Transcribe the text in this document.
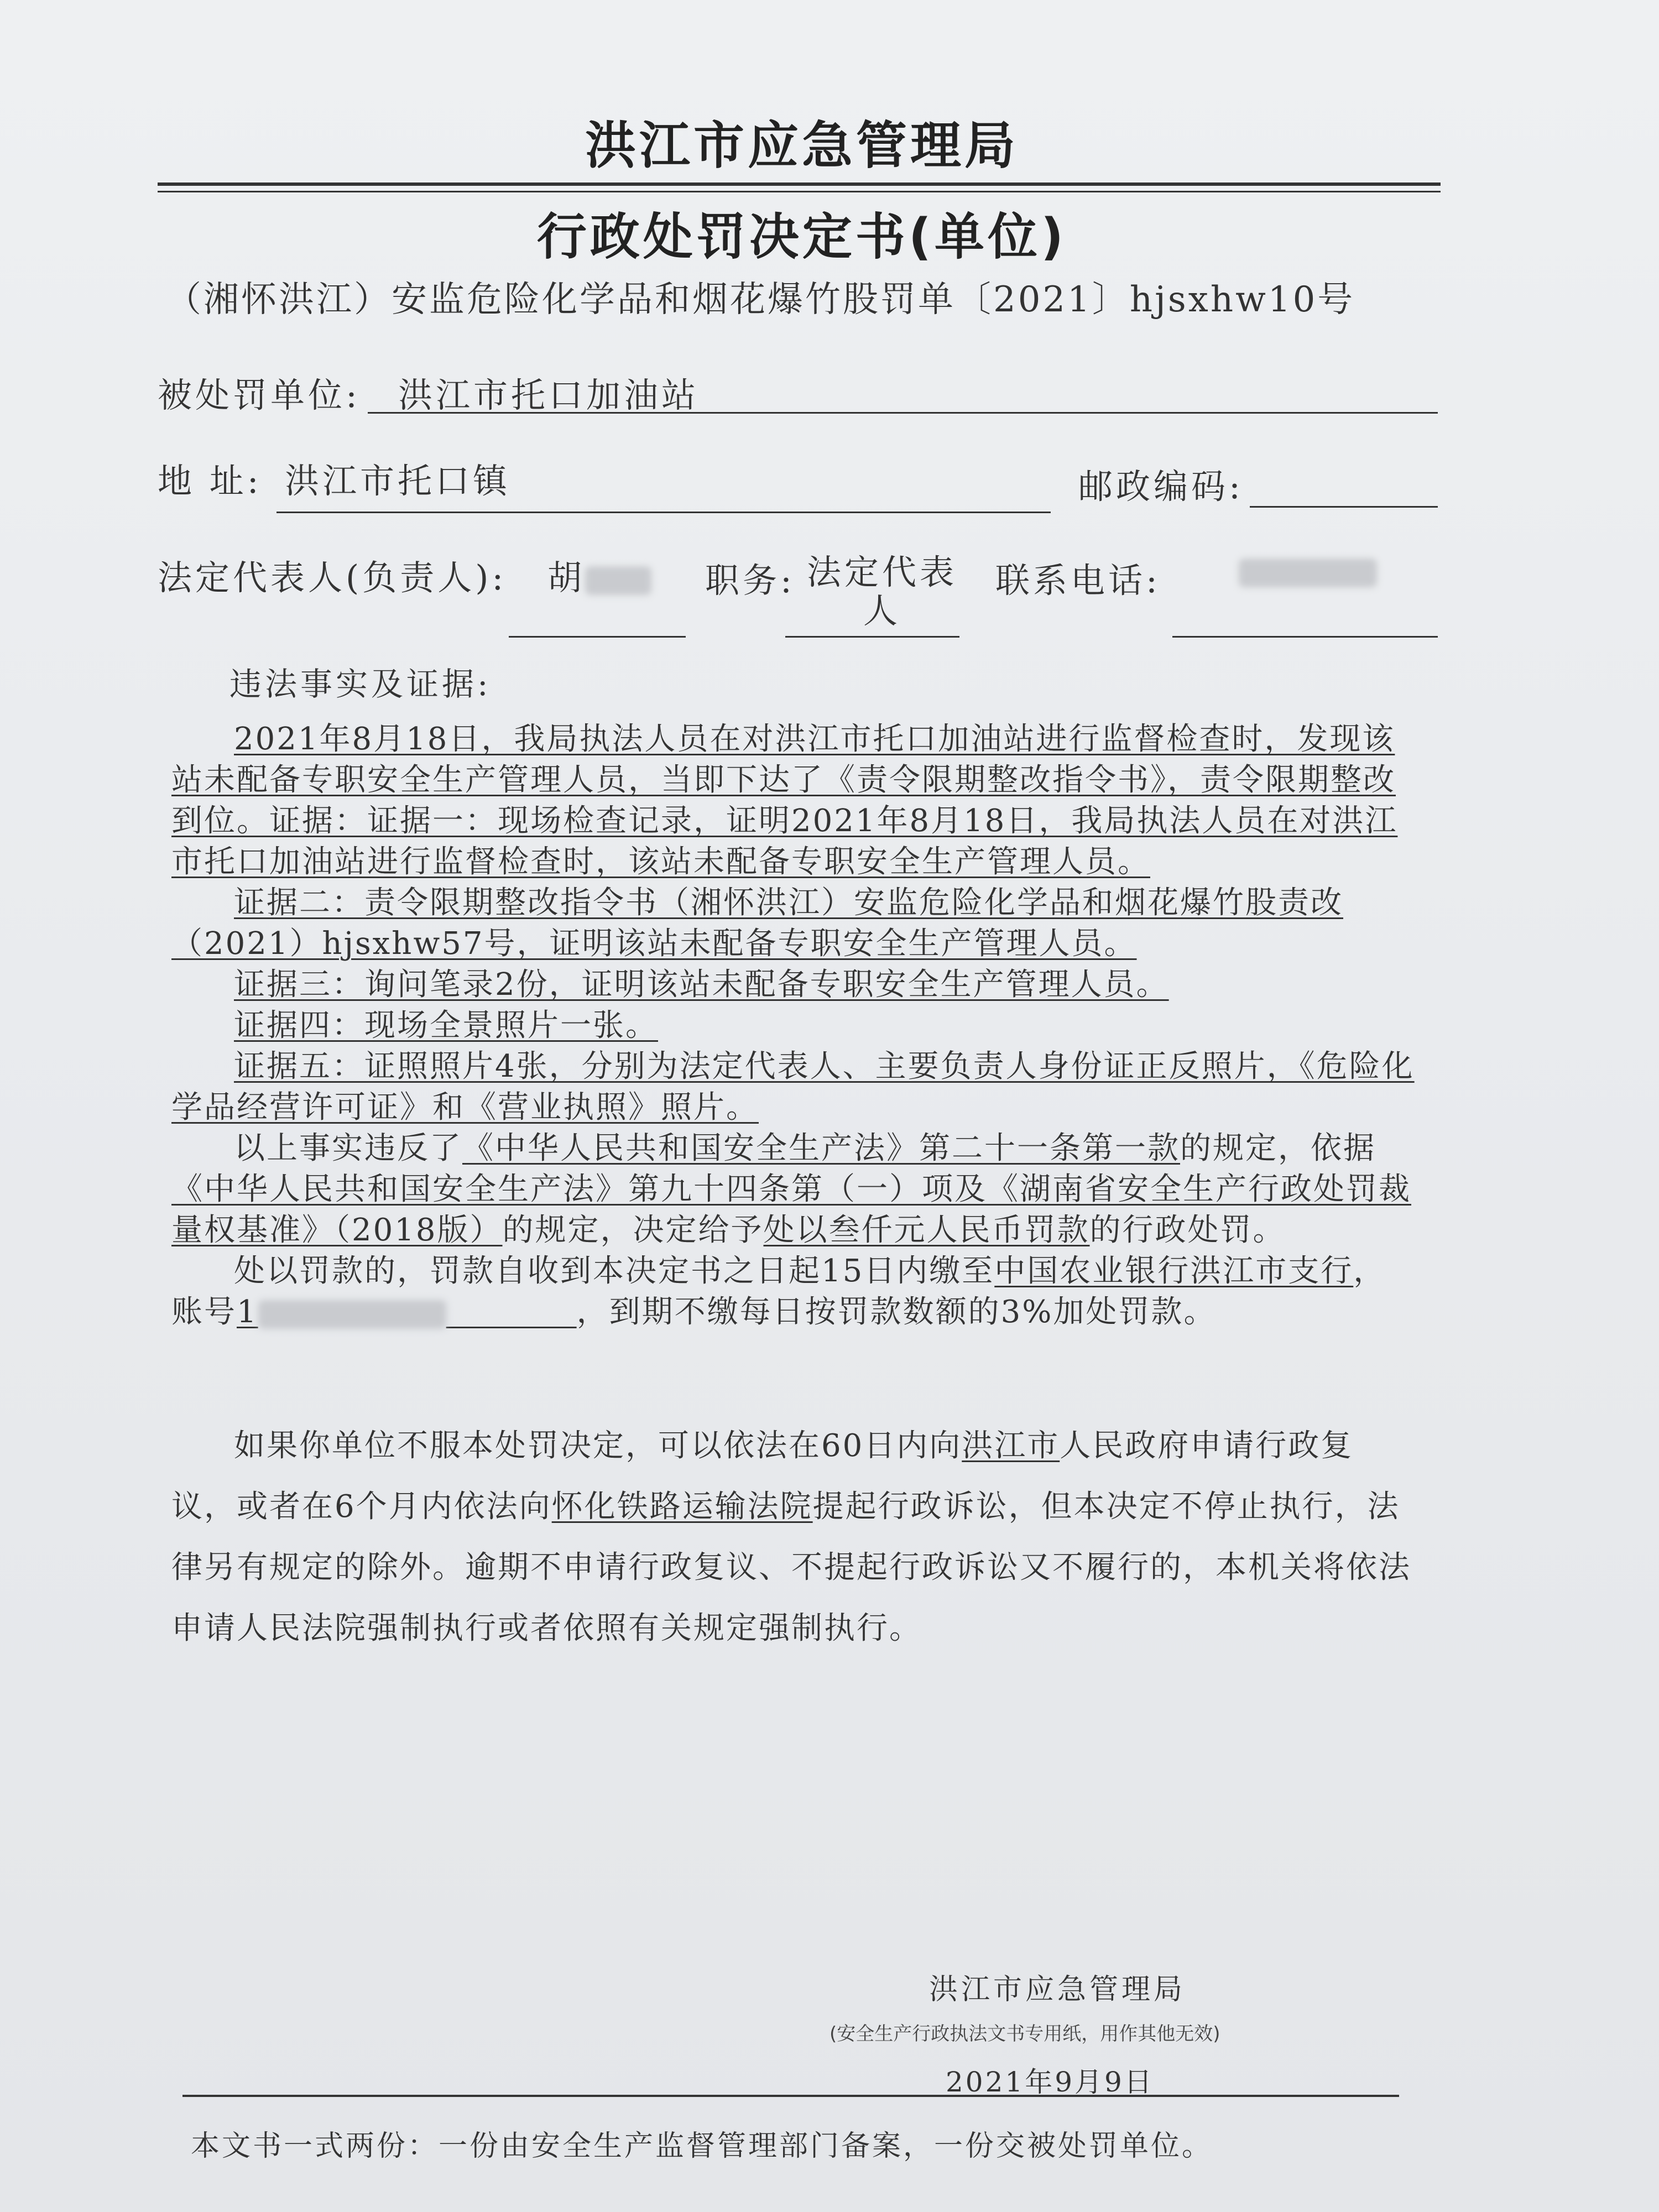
洪江市应急管理局
行政处罚决定书(单位)
（湘怀洪江）安监危险化学品和烟花爆竹股罚单〔2021〕hjsxhw10号
被处罚单位: 洪江市托口加油站
地 址: 洪江市托口镇	邮政编码:
法定代表人(负责人): 胡	职务: 法定代表人
联系电话:
违法事实及证据:

2021年8月18日，我局执法人员在对洪江市托口加油站进行监督检查时，发现该站未配备专职安全生产管理人员，当即下达了《责令限期整改指令书》，责令限期整改到位。证据：证据一：现场检查记录，证明2021年8月18日，我局执法人员在对洪江市托口加油站进行监督检查时，该站未配备专职安全生产管理人员。

证据二：责令限期整改指令书（湘怀洪江）安监危险化学品和烟花爆竹股责改（2021）hjsxhw57号，证明该站未配备专职安全生产管理人员。

证据三：询问笔录2份，证明该站未配备专职安全生产管理人员。

证据四：现场全景照片一张。

证据五：证照照片4张，分别为法定代表人、主要负责人身份证正反照片，《危险化学品经营许可证》和《营业执照》照片。

以上事实违反了《中华人民共和国安全生产法》第二十一条第一款的规定，依据《中华人民共和国安全生产法》第九十四条第（一）项及《湖南省安全生产行政处罚裁量权基准》（2018版）的规定，决定给予处以叁仟元人民币罚款的行政处罚。

处以罚款的，罚款自收到本决定书之日起15日内缴至中国农业银行洪江市支行，账号1    	，到期不缴每日按罚款数额的3%加处罚款。

如果你单位不服本处罚决定，可以依法在60日内向洪江市人民政府申请行政复议，或者在6个月内依法向怀化铁路运输法院提起行政诉讼，但本决定不停止执行，法律另有规定的除外。逾期不申请行政复议、不提起行政诉讼又不履行的，本机关将依法申请人民法院强制执行或者依照有关规定强制执行。

洪江市应急管理局
(安全生产行政执法文书专用纸，用作其他无效)
2021年9月9日
本文书一式两份：一份由安全生产监督管理部门备案，一份交被处罚单位。
